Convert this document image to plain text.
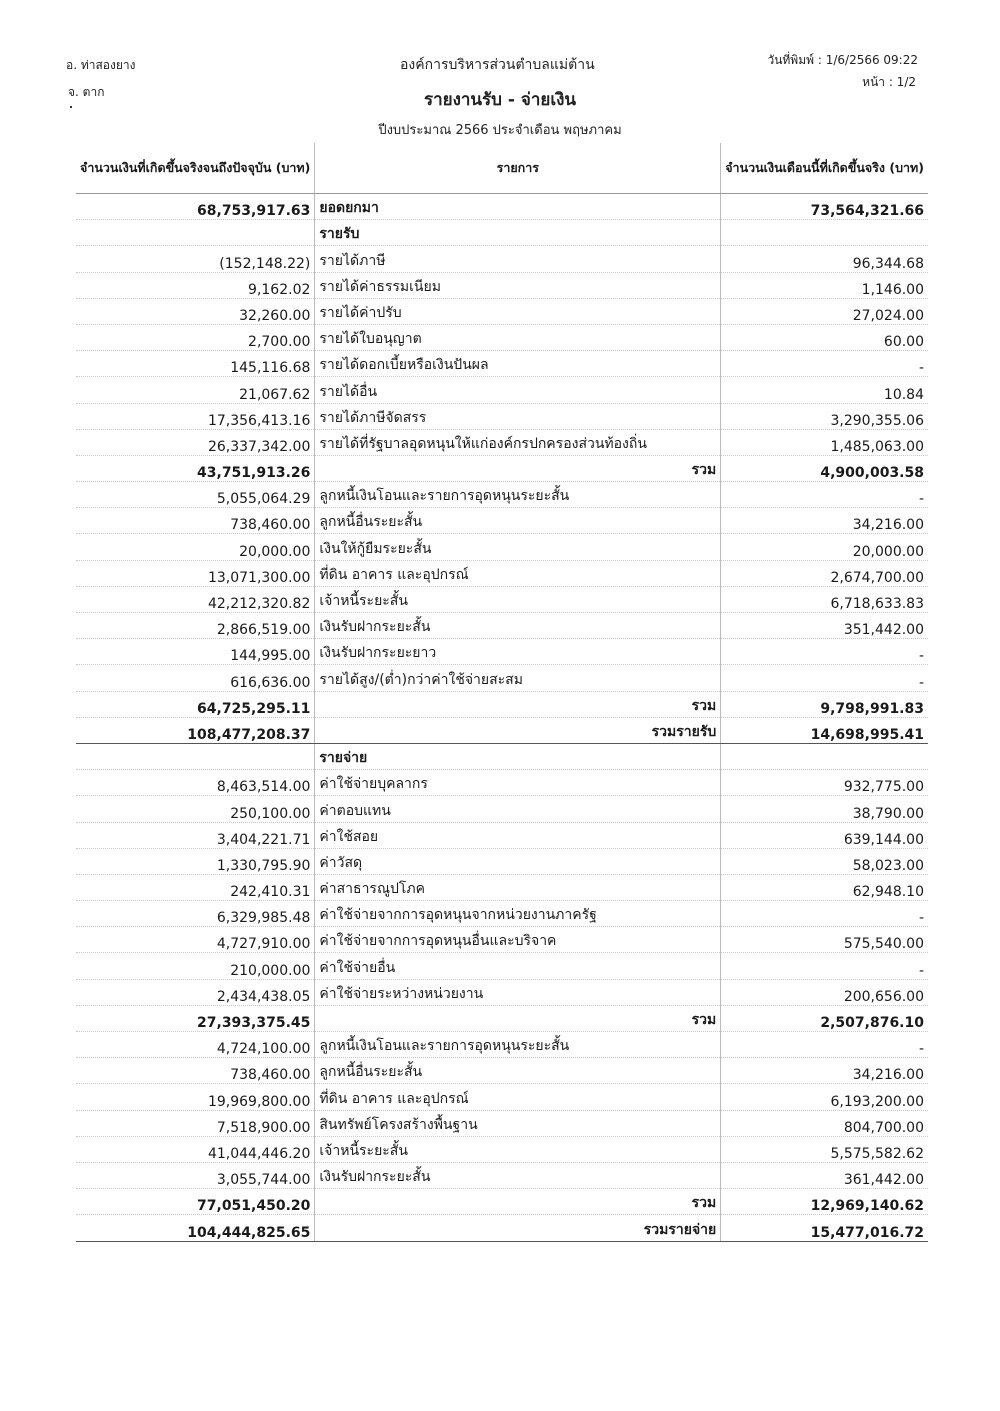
อ. ท่าสองยาง
จ. ตาก
องค์การบริหารส่วนตำบลแม่ต้าน	วันที่พิมพ์ : 1/6/2566 09:22
หน้า : 1/2
รายงานรับ - จ่ายเงิน
ปีงบประมาณ 2566 ประจำเดือน พฤษภาคม
จำนวนเงินที่เกิดขึ้นจริงจนถึงปัจจุบัน (บาท)	รายการ	จำนวนเงินเดือนนี้ที่เกิดขึ้นจริง (บาท)
68,753,917.63	ยอดยกมา	73,564,321.66
	รายรับ	
(152,148.22)	รายได้ภาษี	96,344.68
9,162.02	รายได้ค่าธรรมเนียม	1,146.00
32,260.00	รายได้ค่าปรับ	27,024.00
2,700.00	รายได้ใบอนุญาต	60.00
145,116.68	รายได้ดอกเบี้ยหรือเงินปันผล	-
21,067.62	รายได้อื่น	10.84
17,356,413.16	รายได้ภาษีจัดสรร	3,290,355.06
26,337,342.00	รายได้ที่รัฐบาลอุดหนุนให้แก่องค์กรปกครองส่วนท้องถิ่น	1,485,063.00
43,751,913.26	รวม	4,900,003.58
5,055,064.29	ลูกหนี้เงินโอนและรายการอุดหนุนระยะสั้น	-
738,460.00	ลูกหนี้อื่นระยะสั้น	34,216.00
20,000.00	เงินให้กู้ยืมระยะสั้น	20,000.00
13,071,300.00	ที่ดิน อาคาร และอุปกรณ์	2,674,700.00
42,212,320.82	เจ้าหนี้ระยะสั้น	6,718,633.83
2,866,519.00	เงินรับฝากระยะสั้น	351,442.00
144,995.00	เงินรับฝากระยะยาว	-
616,636.00	รายได้สูง/(ต่ำ)กว่าค่าใช้จ่ายสะสม	-
64,725,295.11	รวม	9,798,991.83
108,477,208.37	รวมรายรับ	14,698,995.41
	รายจ่าย	
8,463,514.00	ค่าใช้จ่ายบุคลากร	932,775.00
250,100.00	ค่าตอบแทน	38,790.00
3,404,221.71	ค่าใช้สอย	639,144.00
1,330,795.90	ค่าวัสดุ	58,023.00
242,410.31	ค่าสาธารณูปโภค	62,948.10
6,329,985.48	ค่าใช้จ่ายจากการอุดหนุนจากหน่วยงานภาครัฐ	-
4,727,910.00	ค่าใช้จ่ายจากการอุดหนุนอื่นและบริจาค	575,540.00
210,000.00	ค่าใช้จ่ายอื่น	-
2,434,438.05	ค่าใช้จ่ายระหว่างหน่วยงาน	200,656.00
27,393,375.45	รวม	2,507,876.10
4,724,100.00	ลูกหนี้เงินโอนและรายการอุดหนุนระยะสั้น	-
738,460.00	ลูกหนี้อื่นระยะสั้น	34,216.00
19,969,800.00	ที่ดิน อาคาร และอุปกรณ์	6,193,200.00
7,518,900.00	สินทรัพย์โครงสร้างพื้นฐาน	804,700.00
41,044,446.20	เจ้าหนี้ระยะสั้น	5,575,582.62
3,055,744.00	เงินรับฝากระยะสั้น	361,442.00
77,051,450.20	รวม	12,969,140.62
104,444,825.65	รวมรายจ่าย	15,477,016.72
